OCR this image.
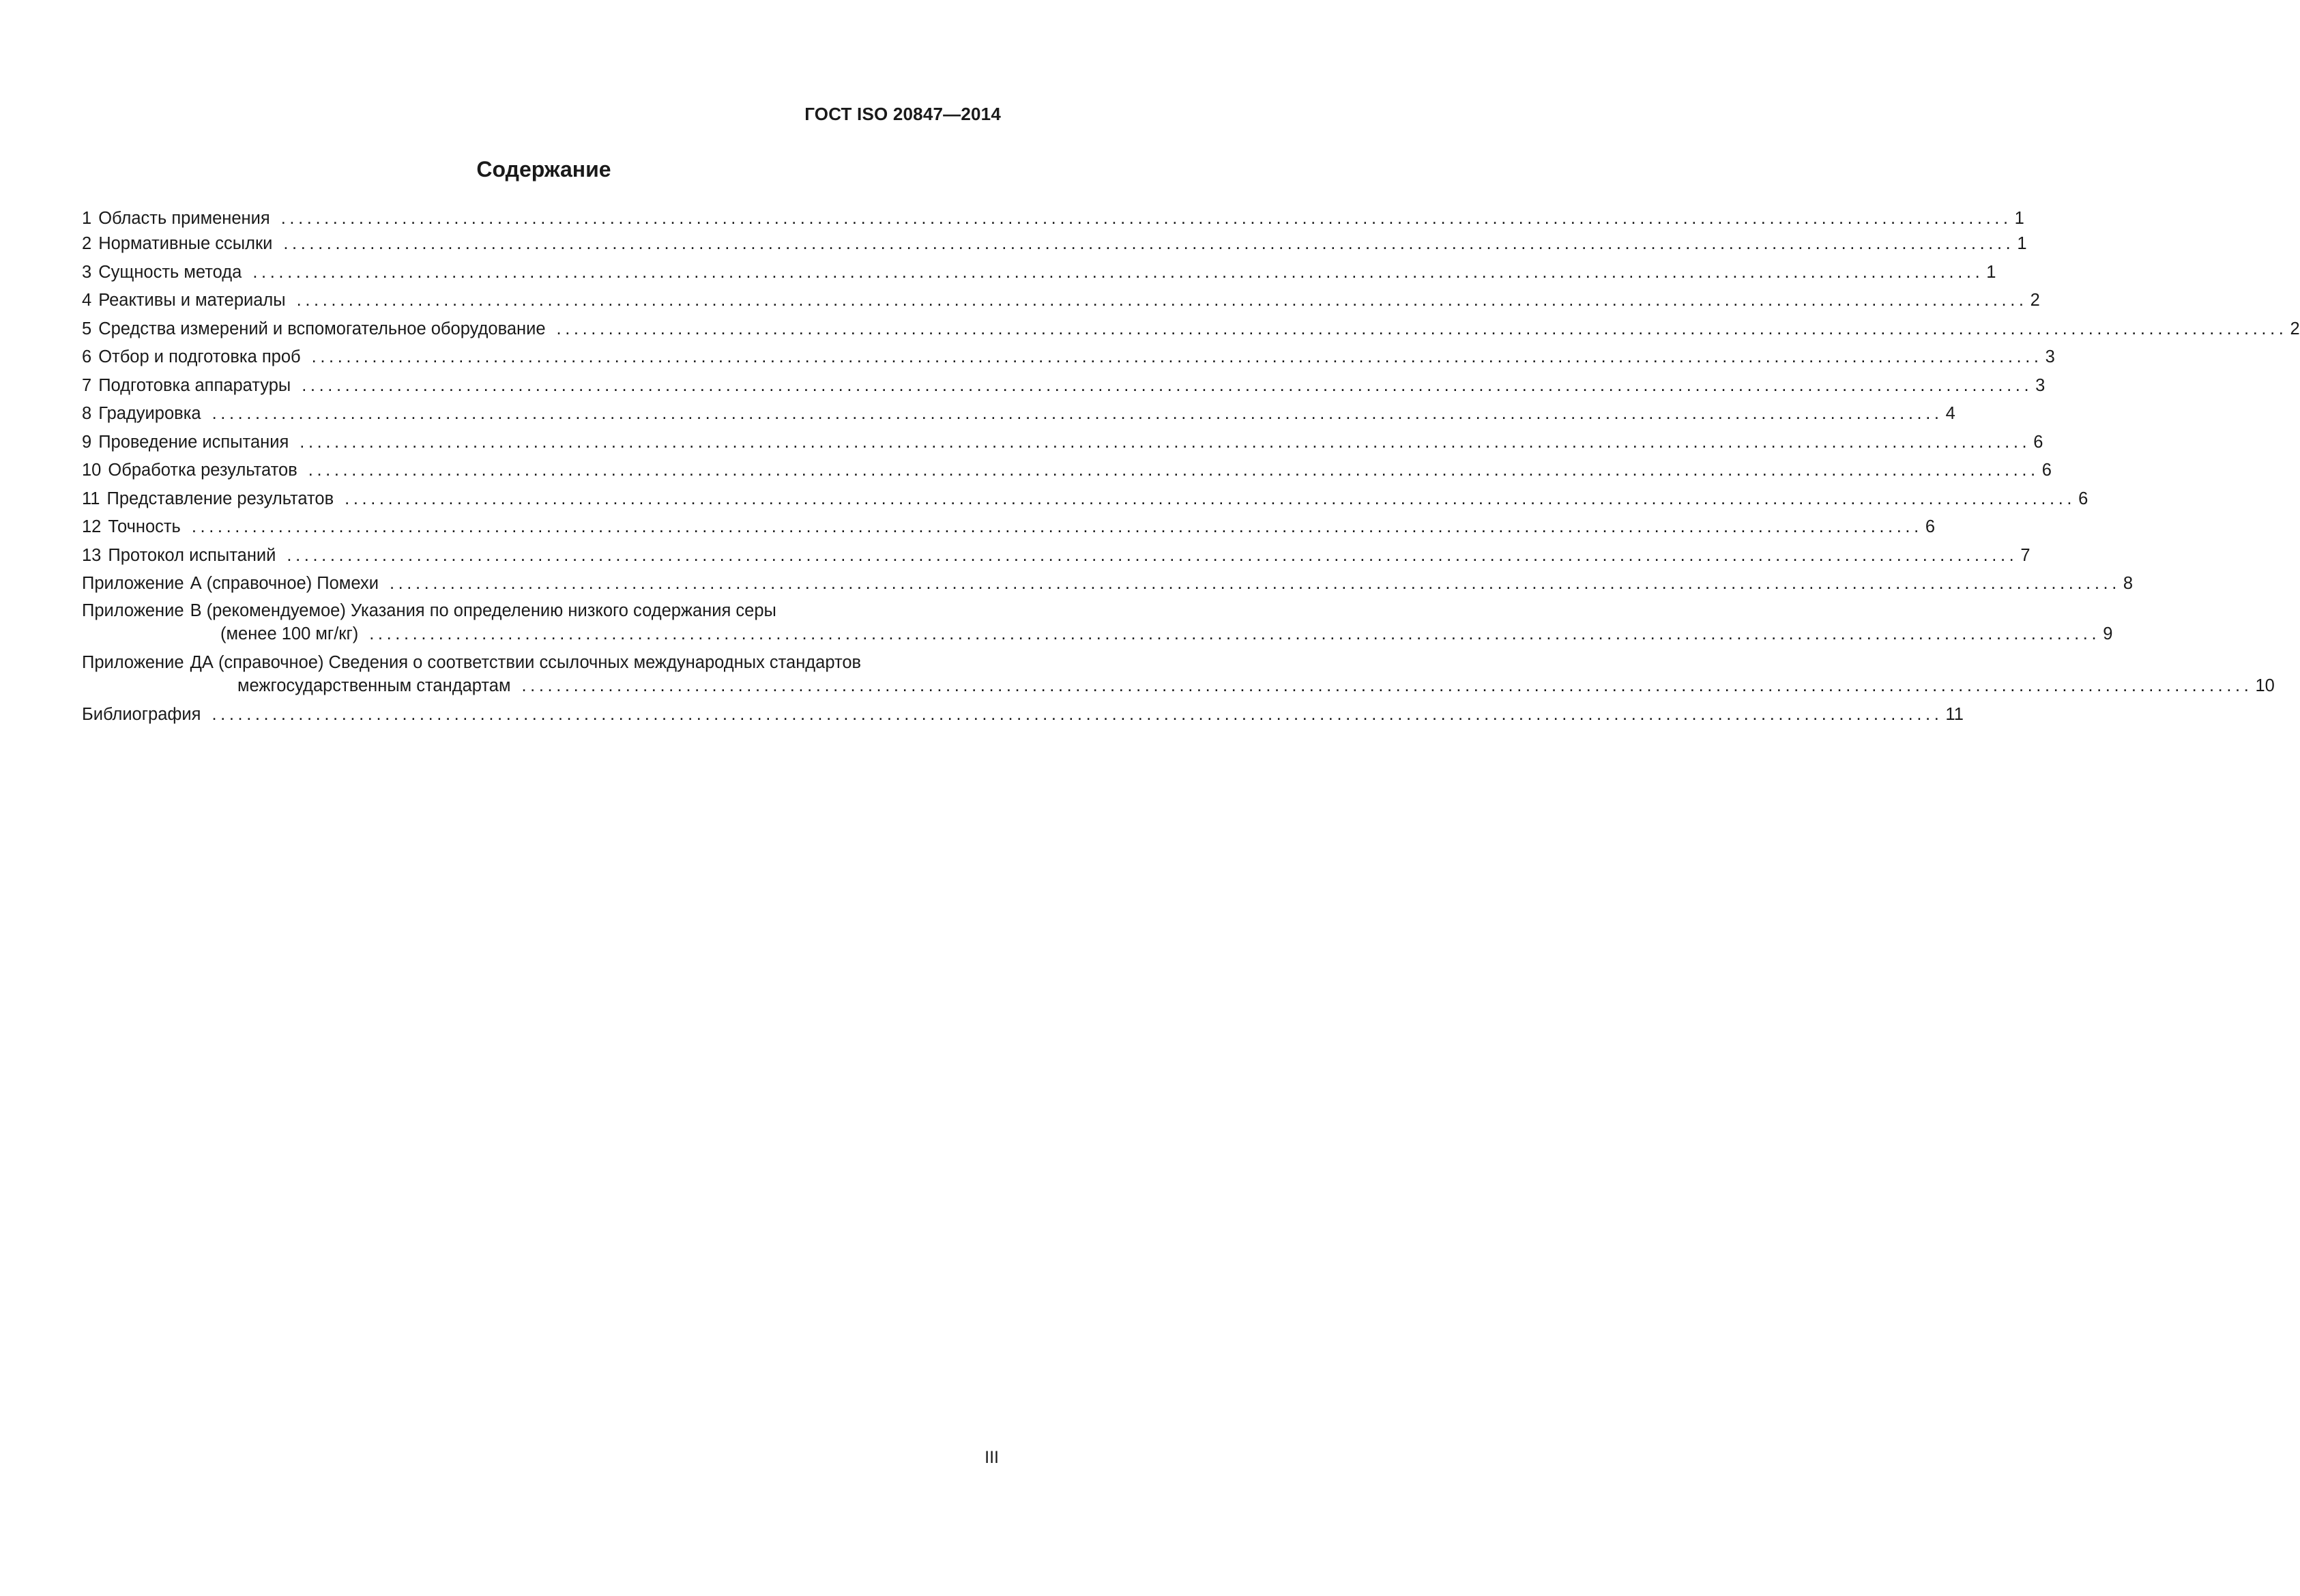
ГОСТ ISO 20847—2014
Содержание
1 Область применения ........................................................................................................................................................................................................ 1
2 Нормативные ссылки ........................................................................................................................................................................................................ 1
3 Сущность метода ........................................................................................................................................................................................................ 1
4 Реактивы и материалы ........................................................................................................................................................................................................ 2
5 Средства измерений и вспомогательное оборудование ........................................................................................................................................................................................................ 2
6 Отбор и подготовка проб ........................................................................................................................................................................................................ 3
7 Подготовка аппаратуры ........................................................................................................................................................................................................ 3
8 Градуировка ........................................................................................................................................................................................................ 4
9 Проведение испытания ........................................................................................................................................................................................................ 6
10 Обработка результатов ........................................................................................................................................................................................................ 6
11 Представление результатов ........................................................................................................................................................................................................ 6
12 Точность ........................................................................................................................................................................................................ 6
13 Протокол испытаний ........................................................................................................................................................................................................ 7
Приложение А (справочное) Помехи ........................................................................................................................................................................................................ 8
Приложение В (рекомендуемое) Указания по определению низкого содержания серы
(менее 100 мг/кг) ........................................................................................................................................................................................................ 9
Приложение ДА (справочное) Сведения о соответствии ссылочных международных стандартов
межгосударственным стандартам ........................................................................................................................................................................................................ 10
Библиография ........................................................................................................................................................................................................ 11
III
